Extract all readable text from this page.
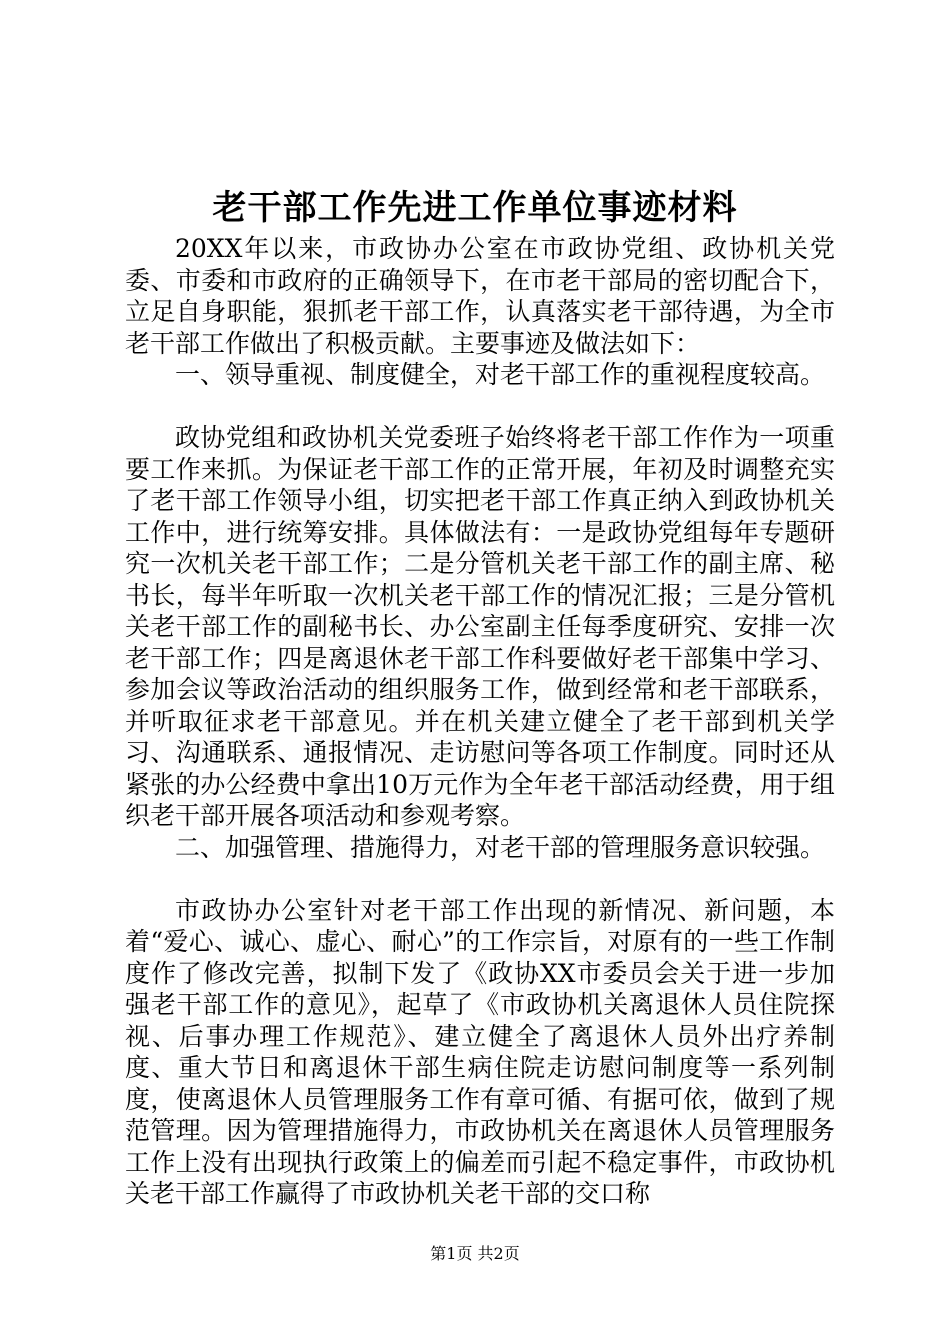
老干部工作先进工作单位事迹材料

20XX年以来，市政协办公室在市政协党组、政协机关党委、市委和市政府的正确领导下，在市老干部局的密切配合下，立足自身职能，狠抓老干部工作，认真落实老干部待遇，为全市老干部工作做出了积极贡献。主要事迹及做法如下：

一、领导重视、制度健全，对老干部工作的重视程度较高。

政协党组和政协机关党委班子始终将老干部工作作为一项重要工作来抓。为保证老干部工作的正常开展，年初及时调整充实了老干部工作领导小组，切实把老干部工作真正纳入到政协机关工作中，进行统筹安排。具体做法有：一是政协党组每年专题研究一次机关老干部工作；二是分管机关老干部工作的副主席、秘书长，每半年听取一次机关老干部工作的情况汇报；三是分管机关老干部工作的副秘书长、办公室副主任每季度研究、安排一次老干部工作；四是离退休老干部工作科要做好老干部集中学习、参加会议等政治活动的组织服务工作，做到经常和老干部联系，并听取征求老干部意见。并在机关建立健全了老干部到机关学习、沟通联系、通报情况、走访慰问等各项工作制度。同时还从紧张的办公经费中拿出10万元作为全年老干部活动经费，用于组织老干部开展各项活动和参观考察。

二、加强管理、措施得力，对老干部的管理服务意识较强。

市政协办公室针对老干部工作出现的新情况、新问题，本着“爱心、诚心、虚心、耐心”的工作宗旨，对原有的一些工作制度作了修改完善，拟制下发了《政协XX市委员会关于进一步加强老干部工作的意见》，起草了《市政协机关离退休人员住院探视、后事办理工作规范》、建立健全了离退休人员外出疗养制度、重大节日和离退休干部生病住院走访慰问制度等一系列制度，使离退休人员管理服务工作有章可循、有据可依，做到了规范管理。因为管理措施得力，市政协机关在离退休人员管理服务工作上没有出现执行政策上的偏差而引起不稳定事件，市政协机关老干部工作赢得了市政协机关老干部的交口称

第1页 共2页
